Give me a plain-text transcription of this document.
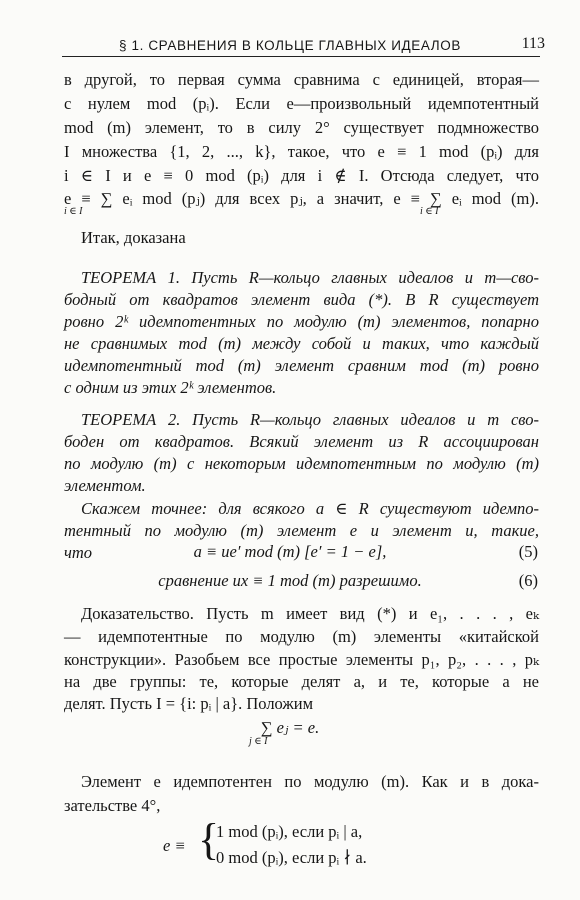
§ 1. СРАВНЕНИЯ В КОЛЬЦЕ ГЛАВНЫХ ИДЕАЛОВ	113
в другой, то первая сумма сравнима с единицей, вторая—
с нулем mod (pᵢ). Если e—произвольный идемпотентный
mod (m) элемент, то в силу 2° существует подмножество
I множества {1, 2, ..., k}, такое, что e ≡ 1 mod (pᵢ) для
i ∈ I и e ≡ 0 mod (pᵢ) для i ∉ I. Отсюда следует, что
e ≡ ∑ eᵢ mod (pⱼ) для всех pⱼ, а значит, e ≡ ∑ eᵢ mod (m).
i ∈ I	i ∈ I
Итак, доказана
ТЕОРЕМА 1. Пусть R—кольцо главных идеалов и m—сво-
бодный от квадратов элемент вида (*). В R существует
ровно 2ᵏ идемпотентных по модулю (m) элементов, попарно
не сравнимых mod (m) между собой и таких, что каждый
идемпотентный mod (m) элемент сравним mod (m) ровно
с одним из этих 2ᵏ элементов.
ТЕОРЕМА 2. Пусть R—кольцо главных идеалов и m сво-
боден от квадратов. Всякий элемент из R ассоциирован
по модулю (m) с некоторым идемпотентным по модулю (m)
элементом.
Скажем точнее: для всякого a ∈ R существуют идемпо-
тентный по модулю (m) элемент e и элемент u, такие,
что	a ≡ ue′ mod (m) [e′ = 1 − e],	(5)
сравнение ux ≡ 1 mod (m) разрешимо.	(6)
Доказательство. Пусть m имеет вид (*) и e₁, . . . , eₖ
— идемпотентные по модулю (m) элементы «китайской
конструкции». Разобьем все простые элементы p₁, p₂, . . . , pₖ
на две группы: те, которые делят a, и те, которые a не
делят. Пусть I = {i: pᵢ | a}. Положим
∑ eⱼ = e.
j ∈ I
Элемент e идемпотентен по модулю (m). Как и в дока-
зательстве 4°,
e ≡ {
1 mod (pᵢ), если pᵢ | a,
0 mod (pᵢ), если pᵢ ∤ a.
